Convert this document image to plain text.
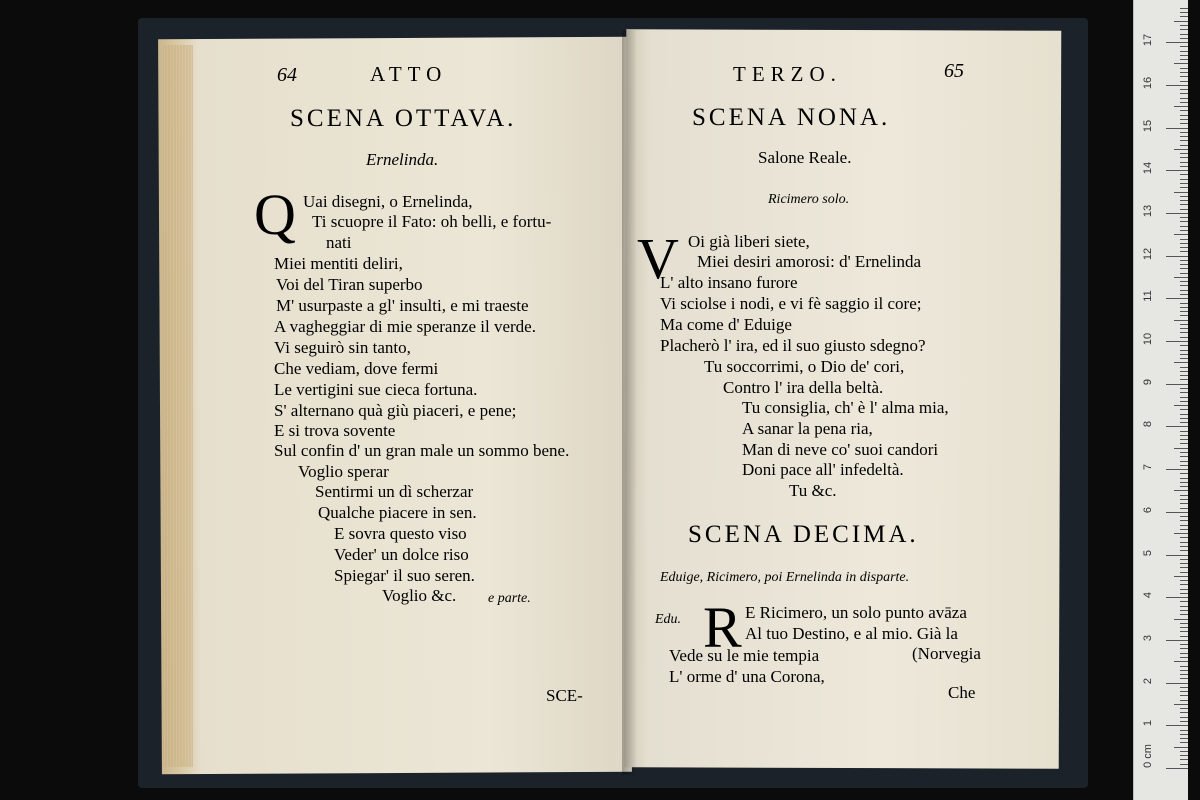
64	ATTO
SCENA OTTAVA.
Ernelinda.
Q Uai disegni, o Ernelinda,
Ti scuopre il Fato: oh belli, e fortu-
nati
Miei mentiti deliri,
Voi del Tiran superbo
M' usurpaste a gl' insulti, e mi traeste
A vagheggiar di mie speranze il verde.
Vi seguirò sin tanto,
Che vediam, dove fermi
Le vertigini sue cieca fortuna.
S' alternano quà giù piaceri, e pene;
E si trova sovente
Sul confin d' un gran male un sommo bene.
Voglio sperar
Sentirmi un dì scherzar
Qualche piacere in sen.
E sovra questo viso
Veder' un dolce riso
Spiegar' il suo seren.
Voglio &c. e parte.
SCE-
TERZO.	65
SCENA NONA.
Salone Reale.
Ricimero solo.
V Oi già liberi siete,
Miei desiri amorosi: d' Ernelinda
L' alto insano furore
Vi sciolse i nodi, e vi fè saggio il core;
Ma come d' Eduige
Placherò l' ira, ed il suo giusto sdegno?
Tu soccorrimi, o Dio de' cori,
Contro l' ira della beltà.
Tu consiglia, ch' è l' alma mia,
A sanar la pena ria,
Man di neve co' suoi candori
Doni pace all' infedeltà.
Tu &c.
SCENA DECIMA.
Eduige, Ricimero, poi Ernelinda in disparte.
Edu. R E Ricimero, un solo punto avāza
Al tuo Destino, e al mio. Già la
Vede su le mie tempia	(Norvegia
L' orme d' una Corona,
Che
0 cm
1
2
3
4
5
6
7
8
9
10
11
12
13
14
15
16
17
